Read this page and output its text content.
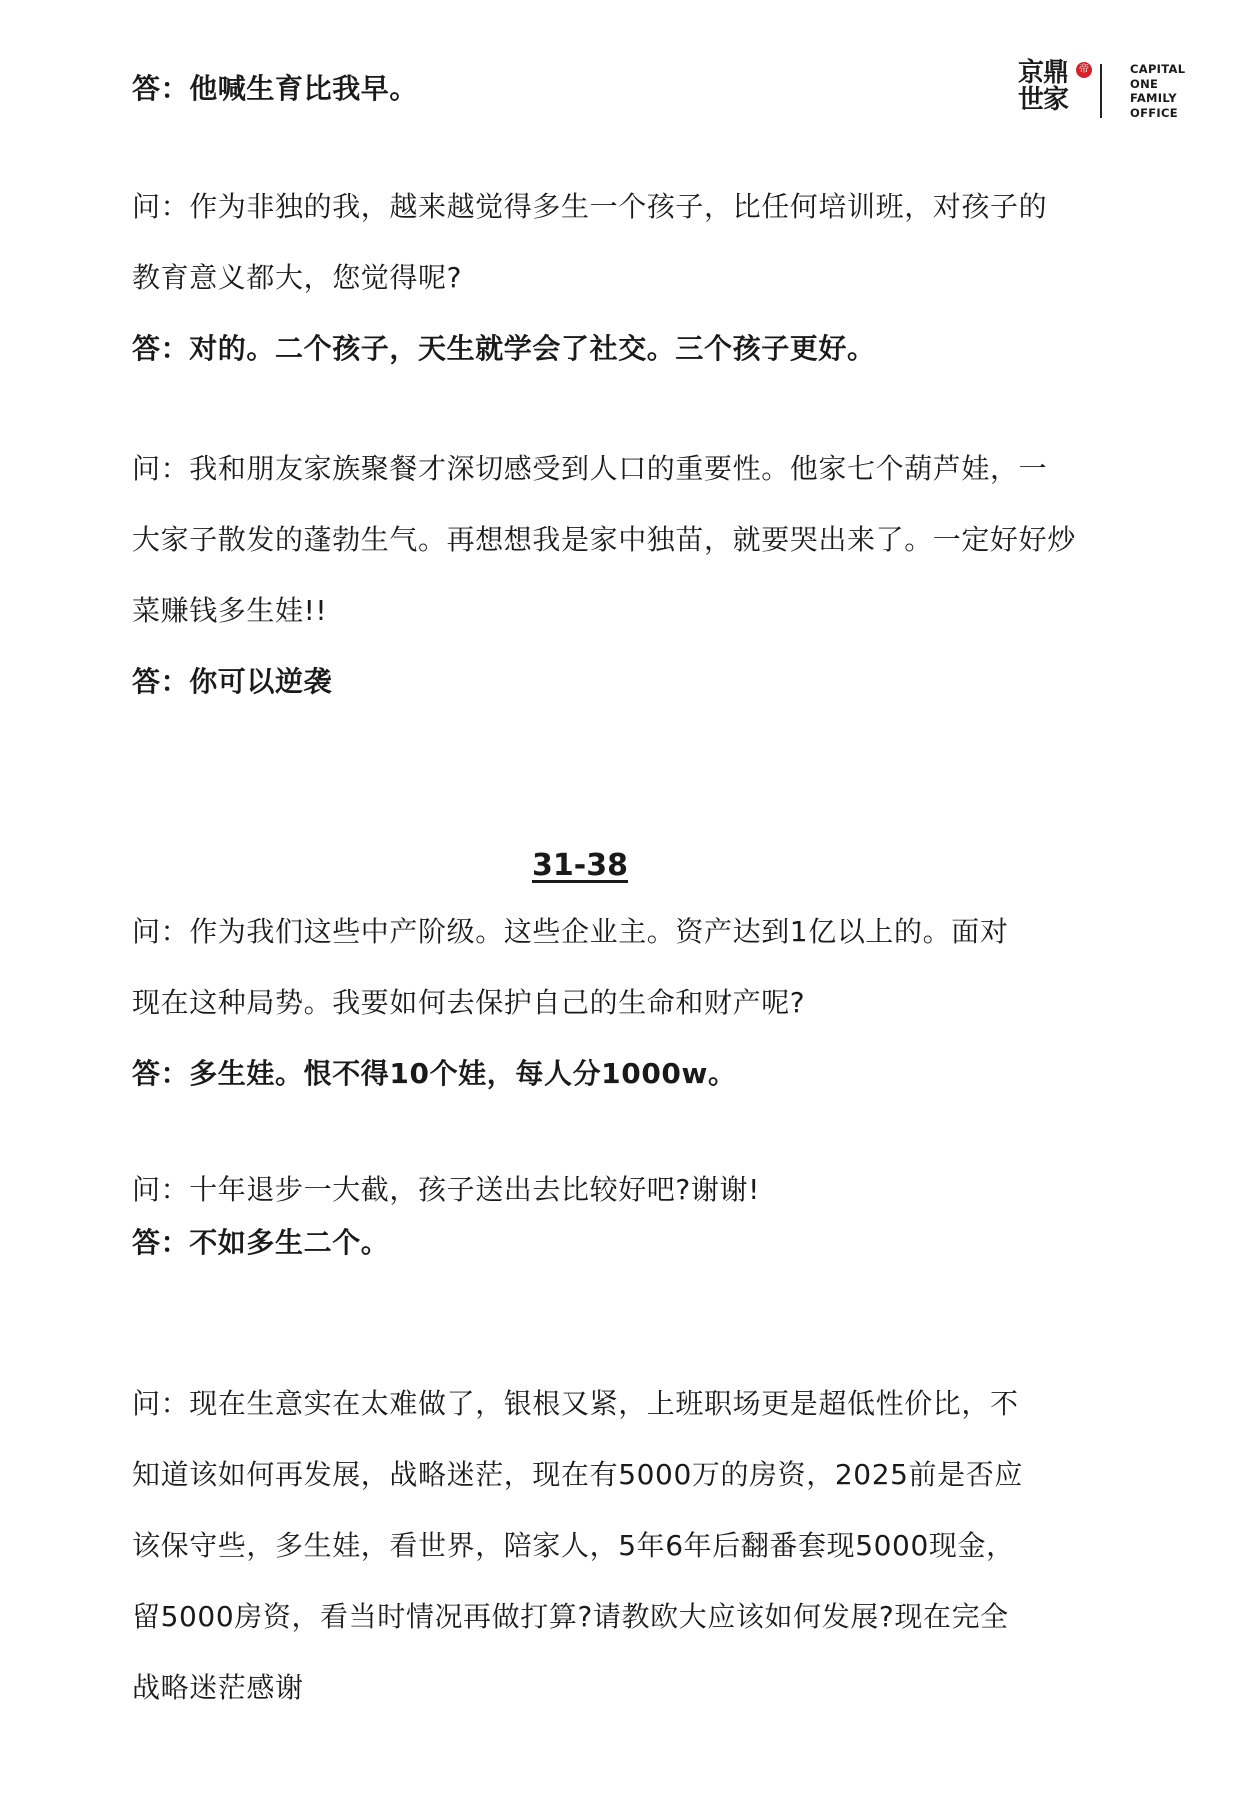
京鼎
世家
帝	CAPITAL
ONE
FAMILY
OFFICE
答：他喊生育比我早。
问：作为非独的我，越来越觉得多生一个孩子，比任何培训班，对孩子的
教育意义都大，您觉得呢?
答：对的。二个孩子，天生就学会了社交。三个孩子更好。
问：我和朋友家族聚餐才深切感受到人口的重要性。他家七个葫芦娃，一
大家子散发的蓬勃生气。再想想我是家中独苗，就要哭出来了。一定好好炒
菜赚钱多生娃!!
答：你可以逆袭
31-38
问：作为我们这些中产阶级。这些企业主。资产达到1亿以上的。面对
现在这种局势。我要如何去保护自己的生命和财产呢?
答：多生娃。恨不得10个娃，每人分1000w。
问：十年退步一大截，孩子送出去比较好吧?谢谢!
答：不如多生二个。
问：现在生意实在太难做了，银根又紧，上班职场更是超低性价比，不
知道该如何再发展，战略迷茫，现在有5000万的房资，2025前是否应
该保守些，多生娃，看世界，陪家人，5年6年后翻番套现5000现金，
留5000房资，看当时情况再做打算?请教欧大应该如何发展?现在完全
战略迷茫感谢
